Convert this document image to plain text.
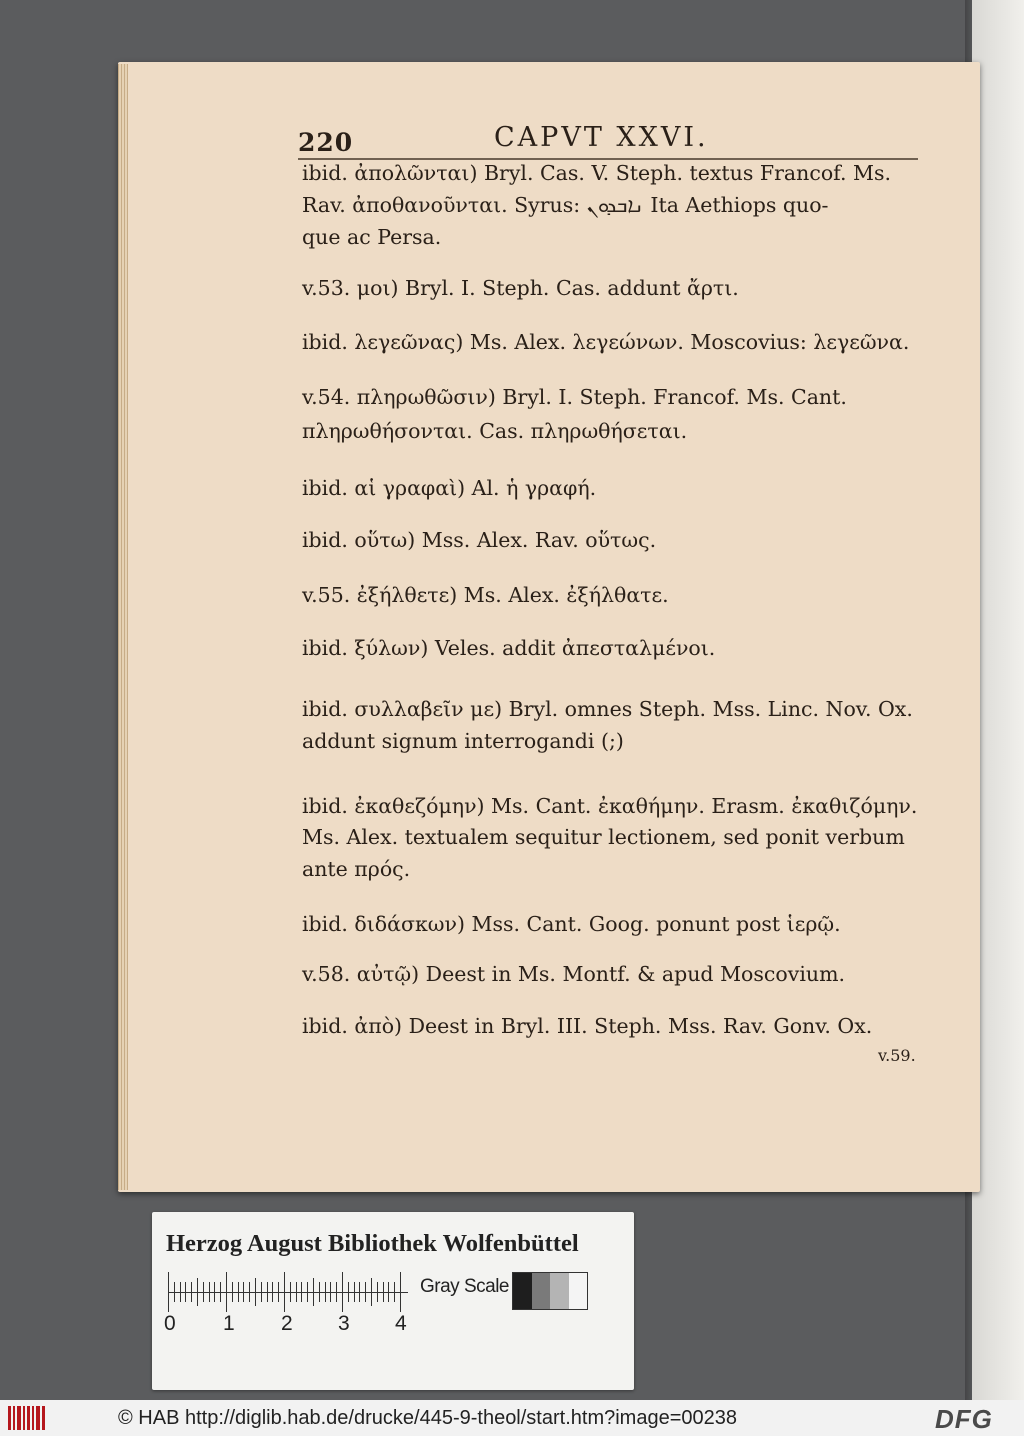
220	CAPVT XXVI.
ibid. ἀπολῶνται) Bryl. Cas. V. Steph. textus Francof. Ms.
Rav. ἀποθανοῦνται. Syrus: ܢܐܒܕܘܢ Ita Aethiops quo-
que ac Persa.
v.53. μοι) Bryl. I. Steph. Cas. addunt ἄρτι.
ibid. λεγεῶνας) Ms. Alex. λεγεώνων. Moscovius: λεγεῶνα.
v.54. πληρωθῶσιν) Bryl. I. Steph. Francof. Ms. Cant.
πληρωθήσονται. Cas. πληρωθήσεται.
ibid. αἱ γραφαὶ) Al. ἡ γραφή.
ibid. οὕτω) Mss. Alex. Rav. οὕτως.
v.55. ἐξήλθετε) Ms. Alex. ἐξήλθατε.
ibid. ξύλων) Veles. addit ἀπεσταλμένοι.
ibid. συλλαβεῖν με) Bryl. omnes Steph. Mss. Linc. Nov. Ox.
addunt signum interrogandi (;)
ibid. ἐκαθεζόμην) Ms. Cant. ἐκαθήμην. Erasm. ἐκαθιζόμην.
Ms. Alex. textualem sequitur lectionem, sed ponit verbum
ante πρός.
ibid. διδάσκων) Mss. Cant. Goog. ponunt post ἱερῷ.
v.58. αὐτῷ) Deest in Ms. Montf. & apud Moscovium.
ibid. ἀπὸ) Deest in Bryl. III. Steph. Mss. Rav. Gonv. Ox.
v.59.
Herzog August Bibliothek Wolfenbüttel
0 1 2 3 4
Gray Scale
© HAB http://diglib.hab.de/drucke/445-9-theol/start.htm?image=00238	DFG
